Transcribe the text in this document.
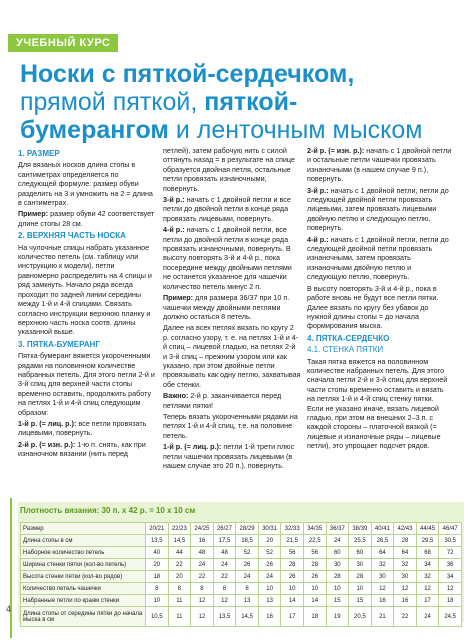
УЧЕБНЫЙ КУРС
Носки с пяткой-сердечком,
прямой пяткой, пяткой-
бумерангом и ленточным мыском
1. РАЗМЕР
Для вязаных носков длина стопы в сантиметрах определяется по следующей формуле: размер обуви разделить на 3 и умножить на 2 = длина в сантиметрах.
Пример: размер обуви 42 соответствует длине стопы 28 см.
2. ВЕРХНЯЯ ЧАСТЬ НОСКА
На чулочные спицы набрать указанное количество петель (см. таблицу или инструкцию к модели), петли равномерно распределить на 4 спицы и ряд замкнуть. Начало ряда всегда проходит по задней линии середины между 1-й и 4-й спицами. Связать согласно инструкции верхнюю планку и верхнюю часть носка соотв. длины указанной выше.
3. ПЯТКА-БУМЕРАНГ
Пятка-бумеранг вяжется укороченными рядами на половинном количестве набранных петель. Для этого петли 2-й и 3-й спиц для верхней части стопы временно оставить, продолжить работу на петлях 1-й и 4-й спиц следующим образом:
1-й р. (= лиц. р.): все петли провязать лицевыми, повернуть.
2-й р. (= изн. р.): 1-ю п. снять, как при изнаночном вязании (нить перед
петлей), затем рабочую нить с силой оттянуть назад = в результате на спице образуется двойная петля, остальные петли провязать изнаночными, повернуть.
3-й р.: начать с 1 двойной петли и все петли до двойной петли в конце ряда провязать лицевыми, повернуть.
4-й р.: начать с 1 двойной петли, все петли до двойной петли в конце ряда провязать изнаночными, повернуть. В высоту повторять 3-й и 4-й р., пока посередине между двойными петлями не останется указанное для чашечки количество петель минус 2 п.
Пример: для размера 36/37 при 10 п. чашечки между двойными петлями должно остаться 8 петель.
Далее на всех петлях вязать по кругу 2 р. согласно узору, т. е. на петлях 1-й и 4-й спиц – лицевой гладью, на петлях 2-й и 3-й спиц – прежним узором или как указано, при этом двойные петли провязывать как одну петлю, захватывая обе стенки.
Важно: 2-й р. заканчивается перед петлями пятки!
Теперь вязать укороченными рядами на петлях 1-й и 4-й спиц, т.е. на половине петель.
1-й р. (= лиц. р.): петли 1-й трети плюс петли чашечки провязать лицевыми (в нашем случае это 20 п.), повернуть.
2-й р. (= изн. р.): начать с 1 двойной петли и остальные петли чашечки провязать изнаночными (в нашем случае 9 п.), повернуть.
3-й р.: начать с 1 двойной петли, петли до следующей двойной петли провязать лицевыми, затем провязать лицевыми двойную петлю и следующую петлю, повернуть.
4-й р.: начать с 1 двойной петли, петли до следующей двойной петли провязать изнаночными, затем провязать изнаночными двойную петлю и следующую петлю, повернуть.
В высоту повторять 3-й и 4-й р., пока в работе вновь не будут все петли пятки. Далее вязать по кругу без убавок до нужной длины стопы = до начала формирования мыска.
4. ПЯТКА-СЕРДЕЧКО
4.1. СТЕНКА ПЯТКИ
Такая пятка вяжется на половинном количестве набранных петель. Для этого сначала петли 2-й и 3-й спиц для верхней части стопы временно оставить и вязать на петлях 1-й и 4-й спиц стенку пятки. Если не указано иначе, вязать лицевой гладью, при этом на внешних 2–3 п. с каждой стороны – платочной вязкой (= лицевые и изнаночные ряды – лицевые петли), это упрощает подсчет рядов.
Плотность вязания: 30 п. x 42 р. = 10 x 10 см
Размер	20/21	22/23	24/25	26/27	28/29	30/31	32/33	34/35	36/37	38/39	40/41	42/43	44/45	46/47
Длина стопы в см	13,5	14,5	16	17,5	18,5	20	21,5	22,5	24	25,5	26,5	28	29,5	30,5
Наборное количество петель	40	44	48	48	52	52	56	56	60	60	64	64	68	72
Ширина стенки пятки (кол-во петель)	20	22	24	24	26	26	28	28	30	30	32	32	34	36
Высота стенки пятки (кол-во рядов)	18	20	22	22	24	24	26	26	28	28	30	30	32	34
Количество петель чашечки	8	8	8	8	8	10	10	10	10	10	12	12	12	12
Набранные петли по краям стенки	10	11	12	12	13	13	14	14	15	15	16	16	17	18
Длина стопы от середины пятки до начала мыска в см	10,5	11	12	13,5	14,5	16	17	18	19	20,5	21	22	24	24,5
4
